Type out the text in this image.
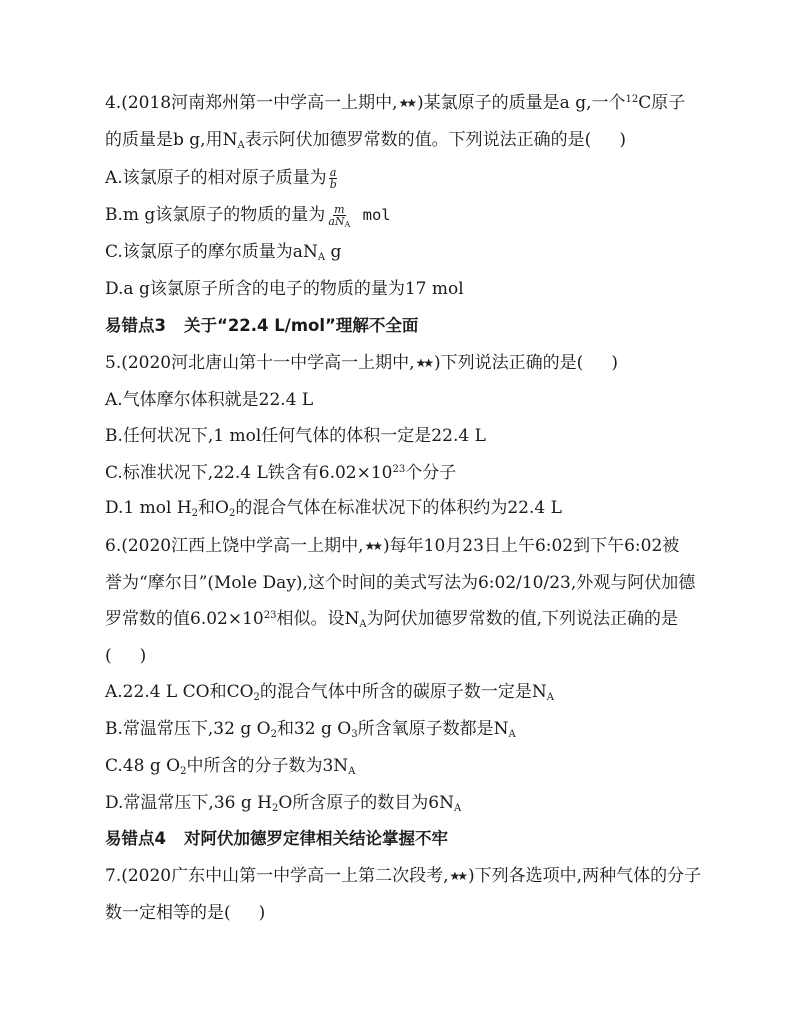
4.(2018河南郑州第一中学高一上期中,★★ )某氯原子的质量是a g,一个$^{12}$C原子
的质量是b g,用$N_A$表示阿伏加德罗常数的值。下列说法正确的是( )
A.该氯原子的相对原子质量为 $\frac{a}{b}$
B.m g该氯原子的物质的量为 $\frac{m}{aN_A}$ mol
C.该氯原子的摩尔质量为$aN_A$ g
D.a g该氯原子所含的电子的物质的量为17 mol
易错点3 关于“22.4 L/mol”理解不全面
5.(2020河北唐山第十一中学高一上期中,★★ )下列说法正确的是( )
A.气体摩尔体积就是22.4 L
B.任何状况下,1 mol任何气体的体积一定是22.4 L
C.标准状况下,22.4 L铁含有$6.02\times 10^{23}$个分子
D.1 mol $H_2$和$O_2$的混合气体在标准状况下的体积约为22.4 L
6.(2020江西上饶中学高一上期中,★★ )每年10月23日上午6:02到下午6:02被
誉为“摩尔日”(Mole Day),这个时间的美式写法为6:02/10/23,外观与阿伏加德
罗常数的值$6.02\times 10^{23}$相似。设$N_A$为阿伏加德罗常数的值,下列说法正确的是
( )
A.22.4 L CO和$CO_2$的混合气体中所含的碳原子数一定是$N_A$
B.常温常压下,32 g $O_2$和32 g $O_3$所含氧原子数都是$N_A$
C.48 g $O_2$中所含的分子数为$3N_A$
D.常温常压下,36 g $H_2O$所含原子的数目为$6N_A$
易错点4 对阿伏加德罗定律相关结论掌握不牢
7.(2020广东中山第一中学高一上第二次段考,★★ )下列各选项中,两种气体的分子
数一定相等的是( )
